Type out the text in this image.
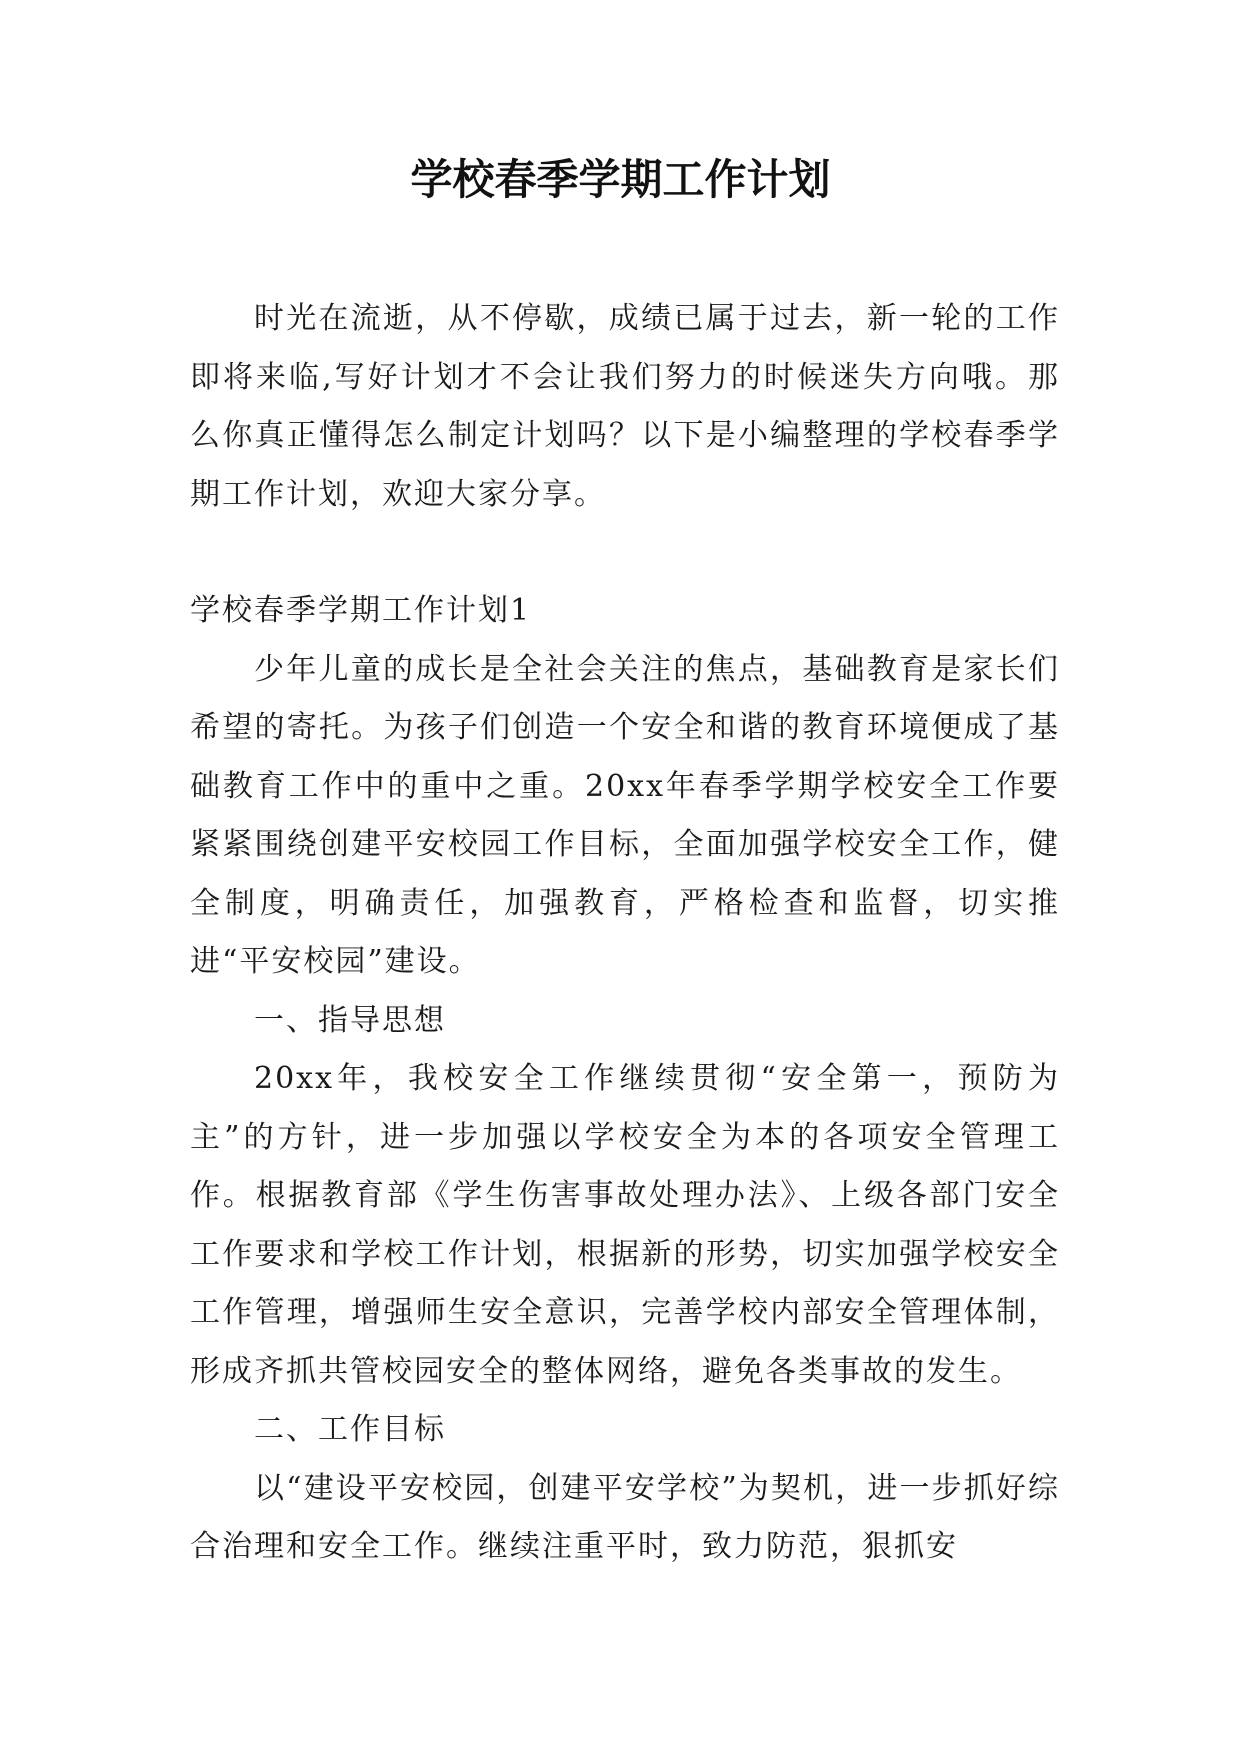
学校春季学期工作计划

时光在流逝，从不停歇，成绩已属于过去，新一轮的工作即将来临,写好计划才不会让我们努力的时候迷失方向哦。那么你真正懂得怎么制定计划吗？以下是小编整理的学校春季学期工作计划，欢迎大家分享。

学校春季学期工作计划1

少年儿童的成长是全社会关注的焦点，基础教育是家长们希望的寄托。为孩子们创造一个安全和谐的教育环境便成了基础教育工作中的重中之重。20xx年春季学期学校安全工作要紧紧围绕创建平安校园工作目标，全面加强学校安全工作，健全制度，明确责任，加强教育，严格检查和监督，切实推进“平安校园”建设。

一、指导思想

20xx年，我校安全工作继续贯彻“安全第一，预防为主”的方针，进一步加强以学校安全为本的各项安全管理工作。根据教育部《学生伤害事故处理办法》、上级各部门安全工作要求和学校工作计划，根据新的形势，切实加强学校安全工作管理，增强师生安全意识，完善学校内部安全管理体制，形成齐抓共管校园安全的整体网络，避免各类事故的发生。

二、工作目标

以“建设平安校园，创建平安学校”为契机，进一步抓好综合治理和安全工作。继续注重平时，致力防范，狠抓安
